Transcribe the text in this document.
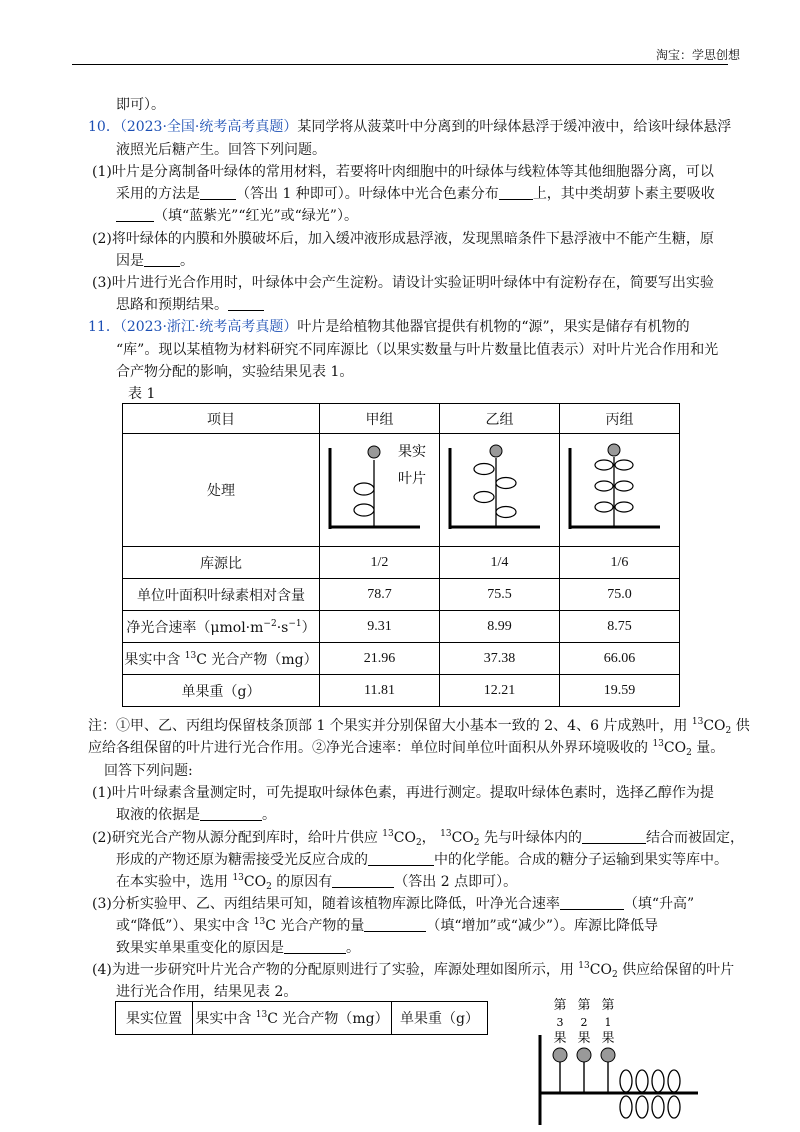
淘宝：学思创想
即可）。
10．（2023·全国·统考高考真题）某同学将从菠菜叶中分离到的叶绿体悬浮于缓冲液中，给该叶绿体悬浮
液照光后糖产生。回答下列问题。
(1)叶片是分离制备叶绿体的常用材料，若要将叶肉细胞中的叶绿体与线粒体等其他细胞器分离，可以
采用的方法是	（答出 1 种即可）。叶绿体中光合色素分布 上，其中类胡萝卜素主要吸收
（填“蓝紫光”“红光”或“绿光”）。
(2)将叶绿体的内膜和外膜破坏后，加入缓冲液形成悬浮液，发现黑暗条件下悬浮液中不能产生糖，原
因是	。
(3)叶片进行光合作用时，叶绿体中会产生淀粉。请设计实验证明叶绿体中有淀粉存在，简要写出实验
思路和预期结果。
11．（2023·浙江·统考高考真题）叶片是给植物其他器官提供有机物的“源”，果实是储存有机物的
“库”。现以某植物为材料研究不同库源比（以果实数量与叶片数量比值表示）对叶片光合作用和光
合产物分配的影响，实验结果见表 1。
表 1
项目	甲组	乙组	丙组
处理	果实
叶片

库源比	1/2	1/4	1/6
单位叶面积叶绿素相对含量	78.7	75.5	75.0
净光合速率$(\mu mol\cdot m^{-2}\cdot s^{-1})$	9.31	8.99	8.75
果实中含 $^{13}$C 光合产物（mg）	21.96	37.38	66.06
单果重（g）	11.81	12.21	19.59
注：①甲、乙、丙组均保留枝条顶部 1 个果实并分别保留大小基本一致的 2、4、6 片成熟叶，用 $^{13}CO_2$ 供
应给各组保留的叶片进行光合作用。②净光合速率：单位时间单位叶面积从外界环境吸收的 $^{13}CO_2$ 量。
回答下列问题:
(1)叶片叶绿素含量测定时，可先提取叶绿体色素，再进行测定。提取叶绿体色素时，选择乙醇作为提
取液的依据是	。
(2)研究光合产物从源分配到库时，给叶片供应 $^{13}CO_2$， $^{13}CO_2$ 先与叶绿体内的	结合而被固定，
形成的产物还原为糖需接受光反应合成的	中的化学能。合成的糖分子运输到果实等库中。
在本实验中，选用 $^{13}CO_2$ 的原因有	（答出 2 点即可）。
(3)分析实验甲、乙、丙组结果可知，随着该植物库源比降低，叶净光合速率	（填“升高”
或“降低”）、果实中含 $^{13}$C 光合产物的量	（填“增加”或“减少”）。库源比降低导
致果实单果重变化的原因是	。
(4)为进一步研究叶片光合产物的分配原则进行了实验，库源处理如图所示，用 $^{13}CO_2$ 供应给保留的叶片
进行光合作用，结果见表 2。
果实位置	果实中含 $^{13}$C 光合产物（mg）	单果重（g）
第
3
果
第
2
果
第
1
果
